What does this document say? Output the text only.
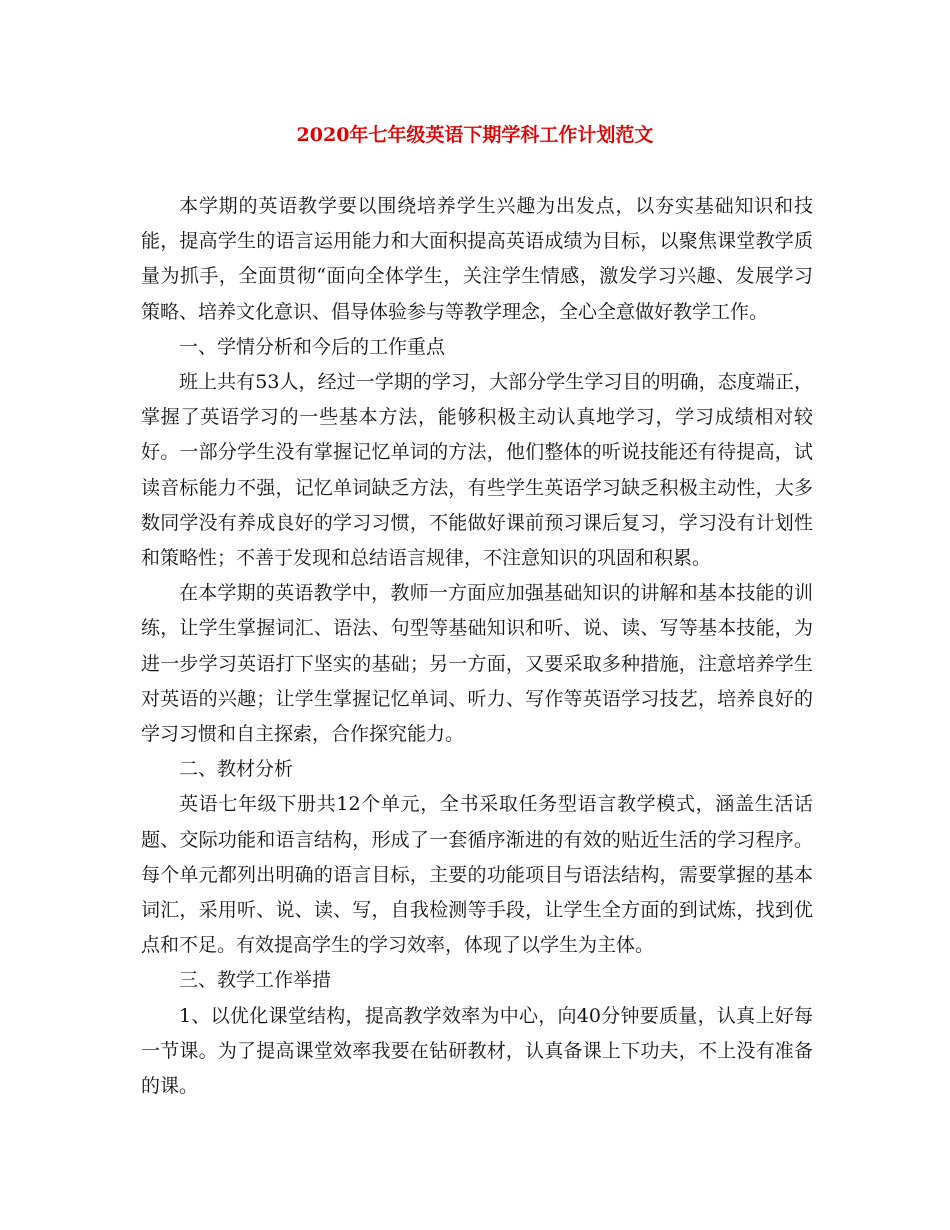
2020年七年级英语下期学科工作计划范文

本学期的英语教学要以围绕培养学生兴趣为出发点，以夯实基础知识和技能，提高学生的语言运用能力和大面积提高英语成绩为目标，以聚焦课堂教学质量为抓手，全面贯彻“面向全体学生，关注学生情感，激发学习兴趣、发展学习策略、培养文化意识、倡导体验参与等教学理念，全心全意做好教学工作。

一、学情分析和今后的工作重点

班上共有53人，经过一学期的学习，大部分学生学习目的明确，态度端正，掌握了英语学习的一些基本方法，能够积极主动认真地学习，学习成绩相对较好。一部分学生没有掌握记忆单词的方法，他们整体的听说技能还有待提高，试读音标能力不强，记忆单词缺乏方法，有些学生英语学习缺乏积极主动性，大多数同学没有养成良好的学习习惯，不能做好课前预习课后复习，学习没有计划性和策略性；不善于发现和总结语言规律，不注意知识的巩固和积累。

在本学期的英语教学中，教师一方面应加强基础知识的讲解和基本技能的训练，让学生掌握词汇、语法、句型等基础知识和听、说、读、写等基本技能，为进一步学习英语打下坚实的基础；另一方面，又要采取多种措施，注意培养学生对英语的兴趣；让学生掌握记忆单词、听力、写作等英语学习技艺，培养良好的学习习惯和自主探索，合作探究能力。

二、教材分析

英语七年级下册共12个单元，全书采取任务型语言教学模式，涵盖生活话题、交际功能和语言结构，形成了一套循序渐进的有效的贴近生活的学习程序。每个单元都列出明确的语言目标，主要的功能项目与语法结构，需要掌握的基本词汇，采用听、说、读、写，自我检测等手段，让学生全方面的到试炼，找到优点和不足。有效提高学生的学习效率，体现了以学生为主体。

三、教学工作举措

1、以优化课堂结构，提高教学效率为中心，向40分钟要质量，认真上好每一节课。为了提高课堂效率我要在钻研教材，认真备课上下功夫，不上没有准备的课。
